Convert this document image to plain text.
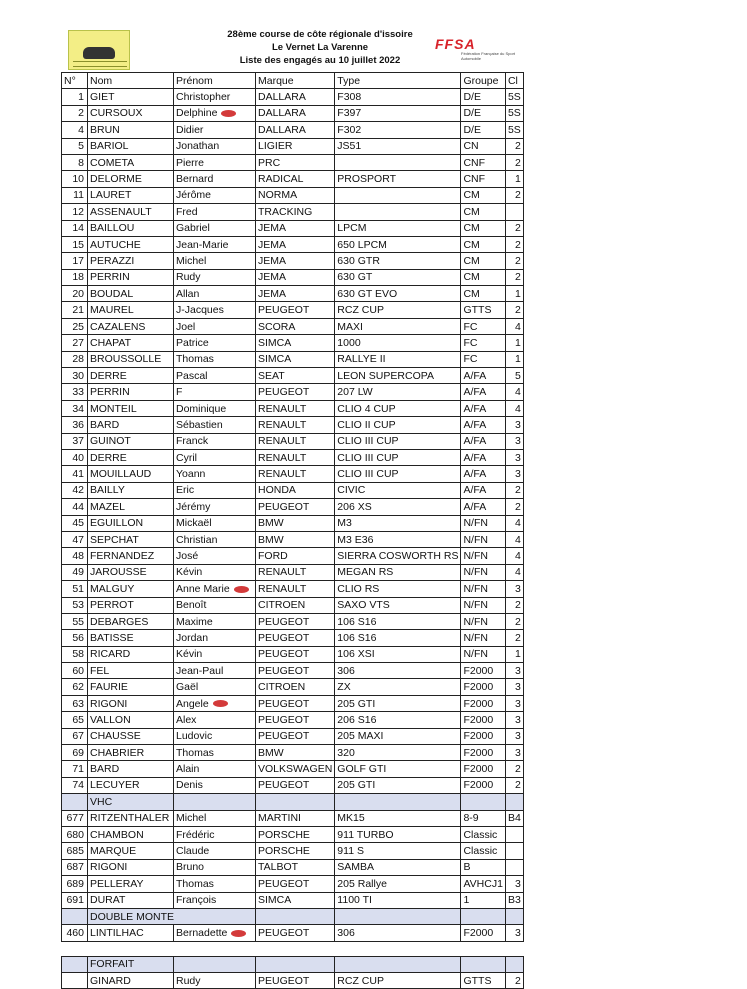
28ème course de côte régionale d'issoire
Le Vernet La Varenne
Liste des engagés au 10 juillet 2022
FFSA
Fédération Française du Sport Automobile
N°	Nom	Prénom	Marque	Type	Groupe	Cl
1	GIET	Christopher	DALLARA	F308	D/E	5S
2	CURSOUX	Delphine	DALLARA	F397	D/E	5S
4	BRUN	Didier	DALLARA	F302	D/E	5S
5	BARIOL	Jonathan	LIGIER	JS51	CN	2
8	COMETA	Pierre	PRC		CNF	2
10	DELORME	Bernard	RADICAL	PROSPORT	CNF	1
11	LAURET	Jérôme	NORMA		CM	2
12	ASSENAULT	Fred	TRACKING		CM	
14	BAILLOU	Gabriel	JEMA	LPCM	CM	2
15	AUTUCHE	Jean-Marie	JEMA	650 LPCM	CM	2
17	PERAZZI	Michel	JEMA	630 GTR	CM	2
18	PERRIN	Rudy	JEMA	630 GT	CM	2
20	BOUDAL	Allan	JEMA	630 GT EVO	CM	1
21	MAUREL	J-Jacques	PEUGEOT	RCZ CUP	GTTS	2
25	CAZALENS	Joel	SCORA	MAXI	FC	4
27	CHAPAT	Patrice	SIMCA	1000	FC	1
28	BROUSSOLLE	Thomas	SIMCA	RALLYE II	FC	1
30	DERRE	Pascal	SEAT	LEON SUPERCOPA	A/FA	5
33	PERRIN	F	PEUGEOT	207 LW	A/FA	4
34	MONTEIL	Dominique	RENAULT	CLIO 4 CUP	A/FA	4
36	BARD	Sébastien	RENAULT	CLIO II CUP	A/FA	3
37	GUINOT	Franck	RENAULT	CLIO III CUP	A/FA	3
40	DERRE	Cyril	RENAULT	CLIO III CUP	A/FA	3
41	MOUILLAUD	Yoann	RENAULT	CLIO III CUP	A/FA	3
42	BAILLY	Eric	HONDA	CIVIC	A/FA	2
44	MAZEL	Jérémy	PEUGEOT	206 XS	A/FA	2
45	EGUILLON	Mickaël	BMW	M3	N/FN	4
47	SEPCHAT	Christian	BMW	M3 E36	N/FN	4
48	FERNANDEZ	José	FORD	SIERRA COSWORTH RS	N/FN	4
49	JAROUSSE	Kévin	RENAULT	MEGAN RS	N/FN	4
51	MALGUY	Anne Marie	RENAULT	CLIO RS	N/FN	3
53	PERROT	Benoît	CITROEN	SAXO VTS	N/FN	2
55	DEBARGES	Maxime	PEUGEOT	106 S16	N/FN	2
56	BATISSE	Jordan	PEUGEOT	106 S16	N/FN	2
58	RICARD	Kévin	PEUGEOT	106 XSI	N/FN	1
60	FEL	Jean-Paul	PEUGEOT	306	F2000	3
62	FAURIE	Gaël	CITROEN	ZX	F2000	3
63	RIGONI	Angele	PEUGEOT	205 GTI	F2000	3
65	VALLON	Alex	PEUGEOT	206 S16	F2000	3
67	CHAUSSE	Ludovic	PEUGEOT	205 MAXI	F2000	3
69	CHABRIER	Thomas	BMW	320	F2000	3
71	BARD	Alain	VOLKSWAGEN	GOLF GTI	F2000	2
74	LECUYER	Denis	PEUGEOT	205 GTI	F2000	2
	VHC					
677	RITZENTHALER	Michel	MARTINI	MK15	8-9	B4
680	CHAMBON	Frédéric	PORSCHE	911 TURBO	Classic	
685	MARQUE	Claude	PORSCHE	911 S	Classic	
687	RIGONI	Bruno	TALBOT	SAMBA	B	
689	PELLERAY	Thomas	PEUGEOT	205 Rallye	AVHCJ1	3
691	DURAT	François	SIMCA	1100 TI	1	B3
	DOUBLE MONTE					
460	LINTILHAC	Bernadette	PEUGEOT	306	F2000	3

	FORFAIT					
	GINARD	Rudy	PEUGEOT	RCZ CUP	GTTS	2
